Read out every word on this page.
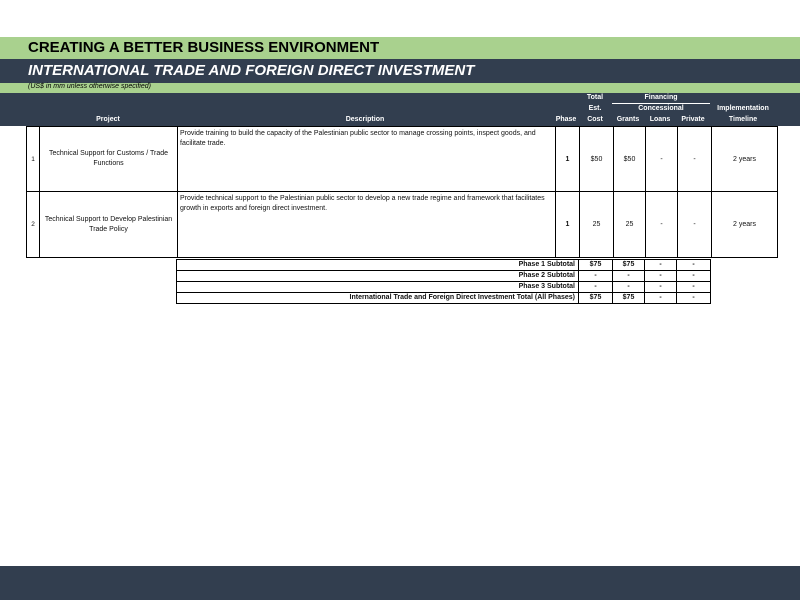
CREATING A BETTER BUSINESS ENVIRONMENT
INTERNATIONAL TRADE AND FOREIGN DIRECT INVESTMENT
(US$ in mm unless otherwise specified)
Project	Description	Phase
Total
Est.
Cost
Financing
Concessional
Grants	Loans	Private
Implementation
Timeline
1	Technical Support for Customs / Trade Functions	Provide training to build the capacity of the Palestinian public sector to manage crossing points, inspect goods, and facilitate trade.	1	$50	$50	-	-	2 years
2	Technical Support to Develop Palestinian Trade Policy	Provide technical support to the Palestinian public sector to develop a new trade regime and framework that facilitates growth in exports and foreign direct investment.	1	25	25	-	-	2 years
Phase 1 Subtotal	$75	$75	-	-
Phase 2 Subtotal	-	-	-	-
Phase 3 Subtotal	-	-	-	-
International Trade and Foreign Direct Investment Total (All Phases)	$75	$75	-	-
